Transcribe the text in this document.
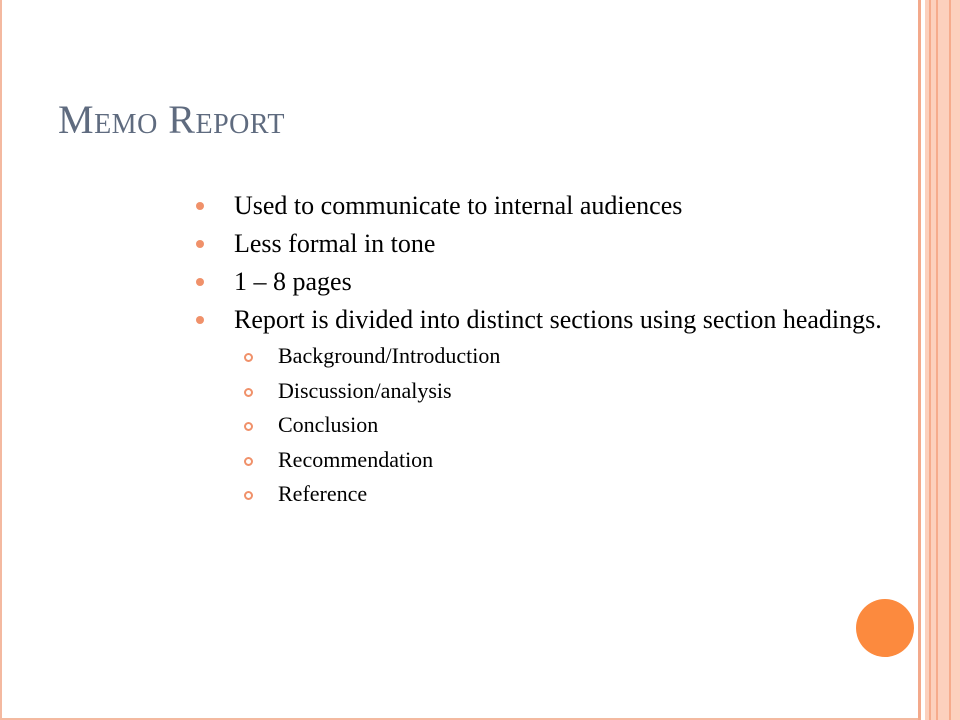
Memo Report
Used to communicate to internal audiences
Less formal in tone
1 – 8 pages
Report is divided into distinct sections using section headings.
Background/Introduction
Discussion/analysis
Conclusion
Recommendation
Reference
